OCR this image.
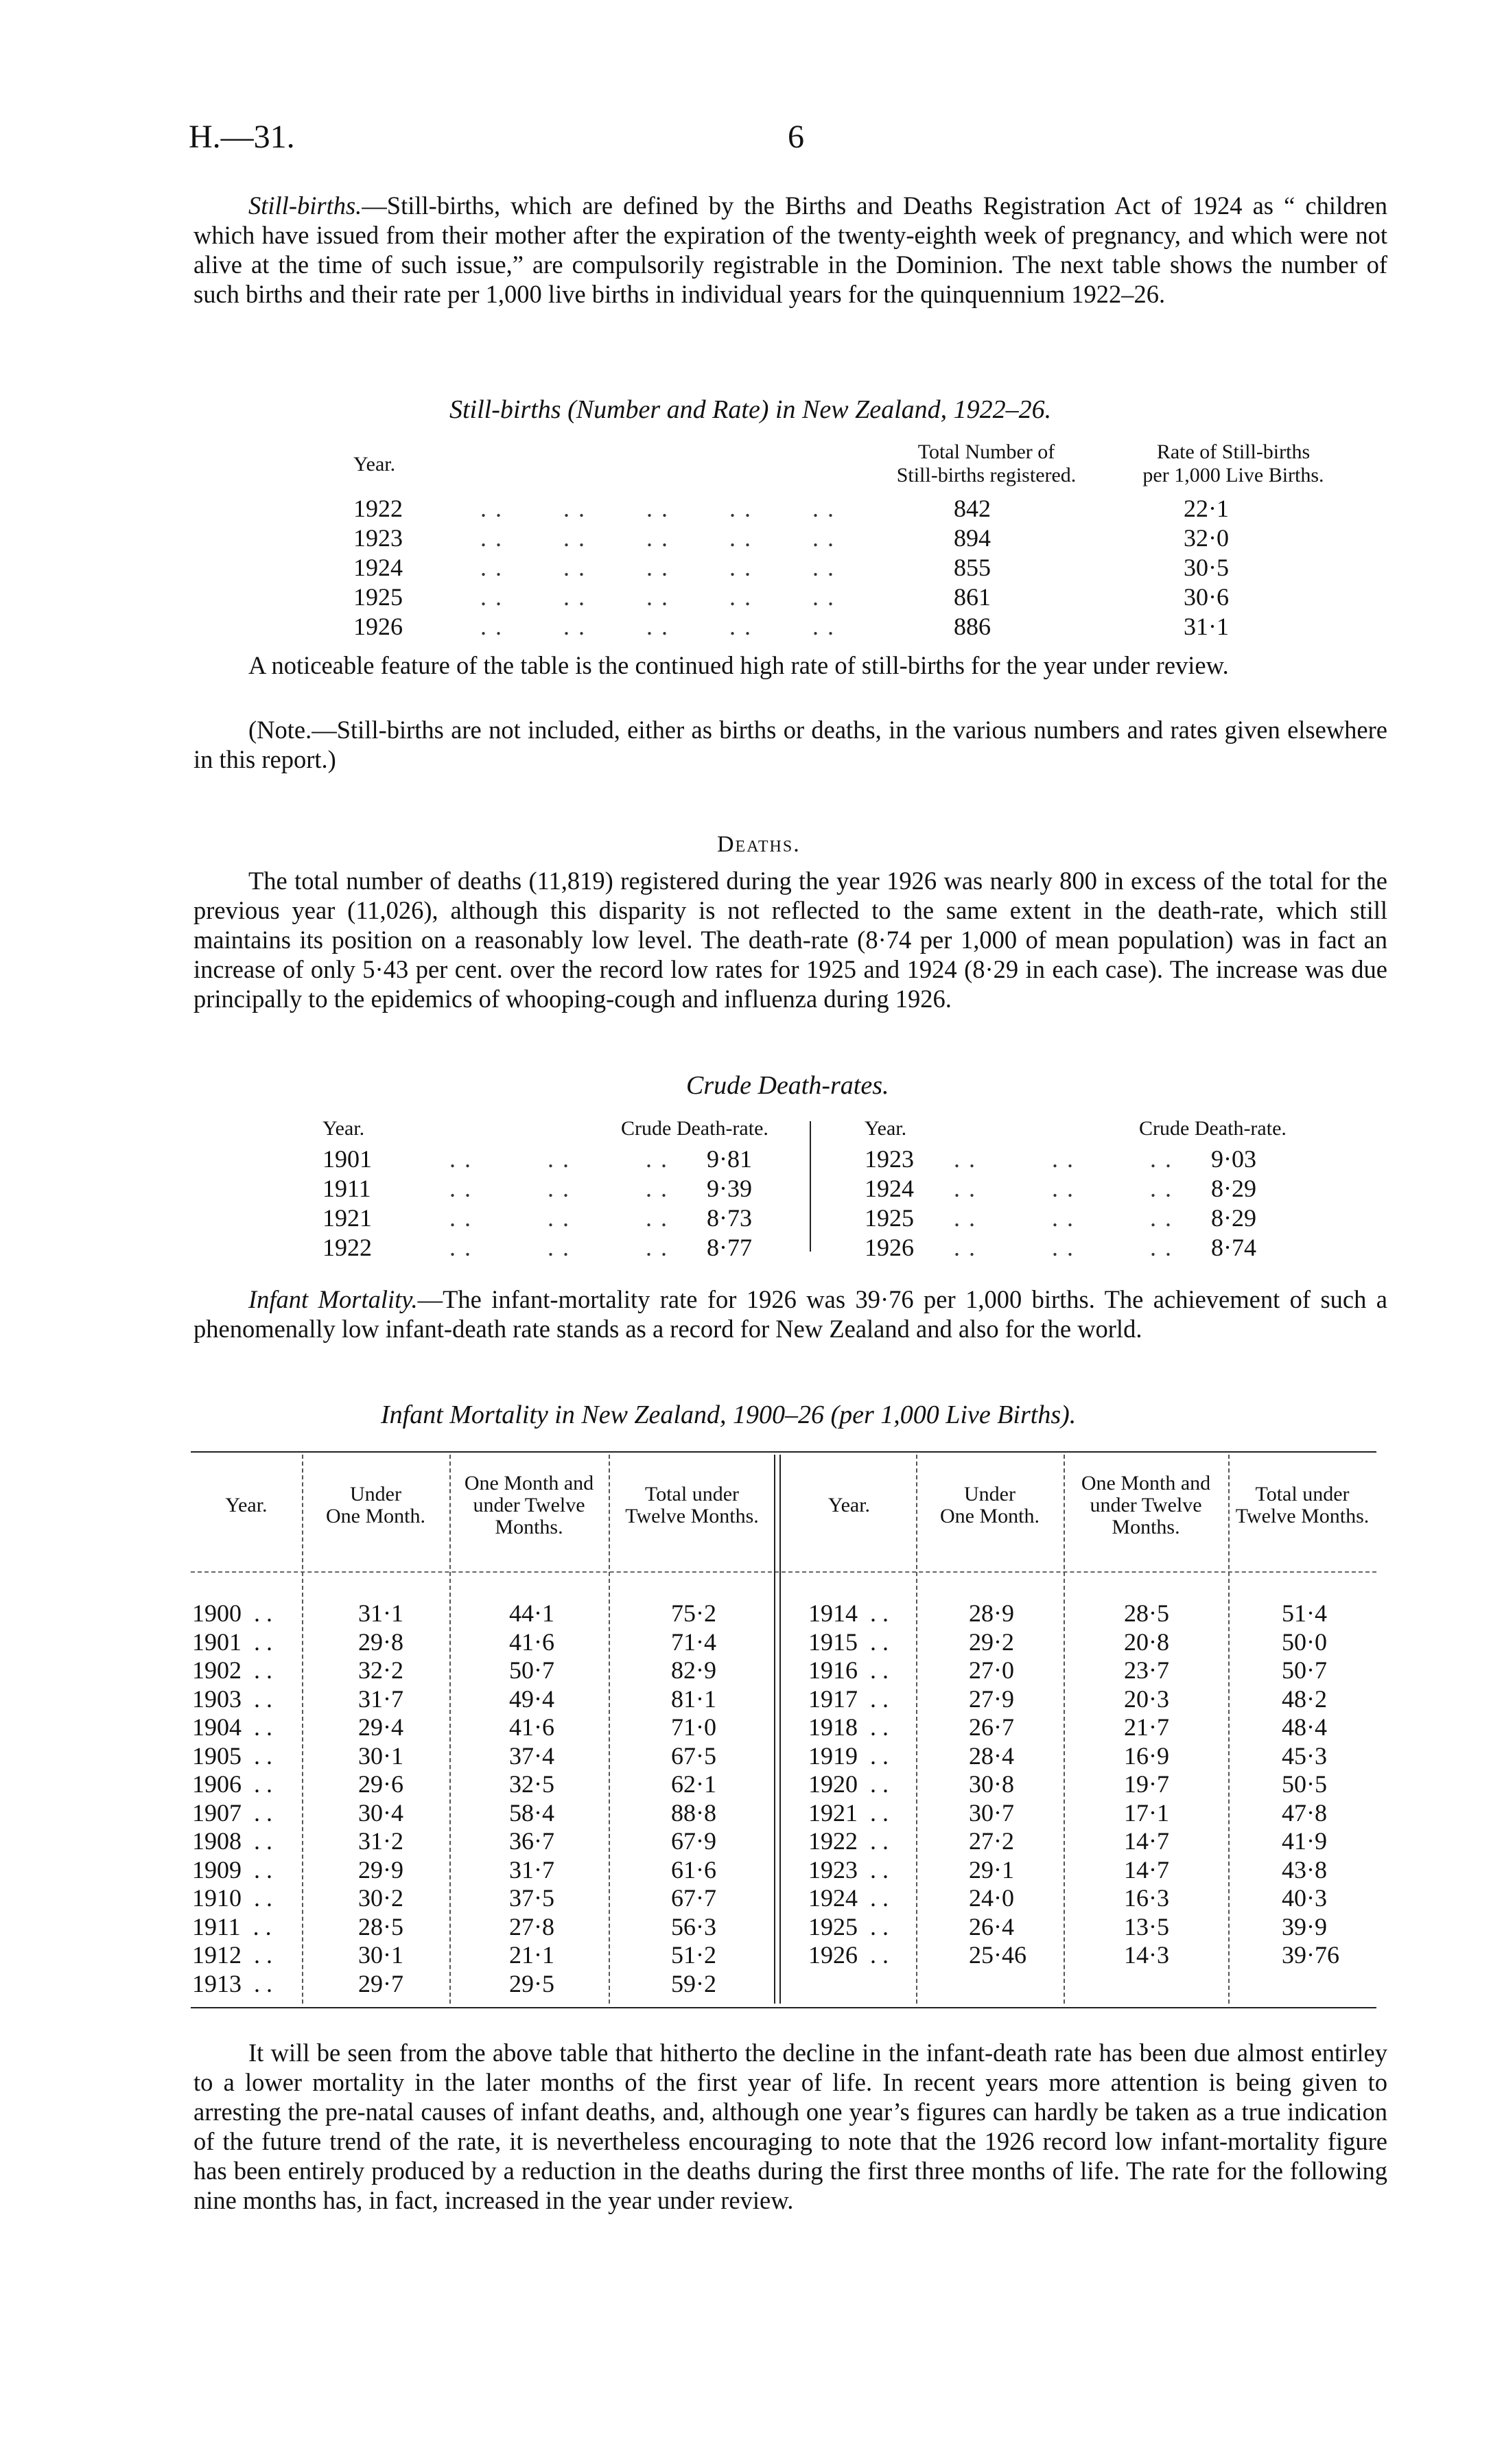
H.—31.	6
Still-births.—Still-births, which are defined by the Births and Deaths Registration Act of 1924 as “ children which have issued from their mother after the expiration of the twenty-eighth week of pregnancy, and which were not alive at the time of such issue,” are compulsorily registrable in the Dominion. The next table shows the number of such births and their rate per 1,000 live births in individual years for the quinquennium 1922–26.
Still-births (Number and Rate) in New Zealand, 1922–26.
Year.
Total Number of
Still-births registered.
Rate of Still-births
per 1,000 Live Births.
1922	. .        . .        . .        . .        . .	842	22·1
1923	. .        . .        . .        . .        . .	894	32·0
1924	. .        . .        . .        . .        . .	855	30·5
1925	. .        . .        . .        . .        . .	861	30·6
1926	. .        . .        . .        . .        . .	886	31·1
A noticeable feature of the table is the continued high rate of still-births for the year under review.
(Note.—Still-births are not included, either as births or deaths, in the various numbers and rates given elsewhere in this report.)
Deaths.
The total number of deaths (11,819) registered during the year 1926 was nearly 800 in excess of the total for the previous year (11,026), although this disparity is not reflected to the same extent in the death-rate, which still maintains its position on a reasonably low level. The death-rate (8·74 per 1,000 of mean population) was in fact an increase of only 5·43 per cent. over the record low rates for 1925 and 1924 (8·29 in each case). The increase was due principally to the epidemics of whooping-cough and influenza during 1926.
Crude Death-rates.
Year.	Crude Death-rate.	Year.	Crude Death-rate.
1901	. .          . .          . . 9·81
1911	. .          . .          . . 9·39
1921	. .          . .          . . 8·73
1922	. .          . .          . . 8·77
1923 . .          . .          . . 9·03
1924 . .          . .          . . 8·29
1925 . .          . .          . . 8·29
1926 . .          . .          . . 8·74
Infant Mortality.—The infant-mortality rate for 1926 was 39·76 per 1,000 births. The achievement of such a phenomenally low infant-death rate stands as a record for New Zealand and also for the world.
Infant Mortality in New Zealand, 1900–26 (per 1,000 Live Births).
Year.	Under
One Month.
One Month and
under Twelve
Months.
Total under
Twelve Months.	Year.	Under
One Month.
One Month and
under Twelve
Months.
Total under
Twelve Months.
1900  . .	31·1	44·1	75·2
1901  . .	29·8	41·6	71·4
1902  . .	32·2	50·7	82·9
1903  . .	31·7	49·4	81·1
1904  . .	29·4	41·6	71·0
1905  . .	30·1	37·4	67·5
1906  . .	29·6	32·5	62·1
1907  . .	30·4	58·4	88·8
1908  . .	31·2	36·7	67·9
1909  . .	29·9	31·7	61·6
1910  . .	30·2	37·5	67·7
1911  . .	28·5	27·8	56·3
1912  . .	30·1	21·1	51·2
1913  . .	29·7	29·5	59·2
1914  . .	28·9	28·5	51·4
1915  . .	29·2	20·8	50·0
1916  . .	27·0	23·7	50·7
1917  . .	27·9	20·3	48·2
1918  . .	26·7	21·7	48·4
1919  . .	28·4	16·9	45·3
1920  . .	30·8	19·7	50·5
1921  . .	30·7	17·1	47·8
1922  . .	27·2	14·7	41·9
1923  . .	29·1	14·7	43·8
1924  . .	24·0	16·3	40·3
1925  . .	26·4	13·5	39·9
1926  . .	25·46	14·3	39·76
It will be seen from the above table that hitherto the decline in the infant-death rate has been due almost entirley to a lower mortality in the later months of the first year of life. In recent years more attention is being given to arresting the pre-natal causes of infant deaths, and, although one year’s figures can hardly be taken as a true indication of the future trend of the rate, it is nevertheless encouraging to note that the 1926 record low infant-mortality figure has been entirely produced by a reduction in the deaths during the first three months of life. The rate for the following nine months has, in fact, increased in the year under review.
